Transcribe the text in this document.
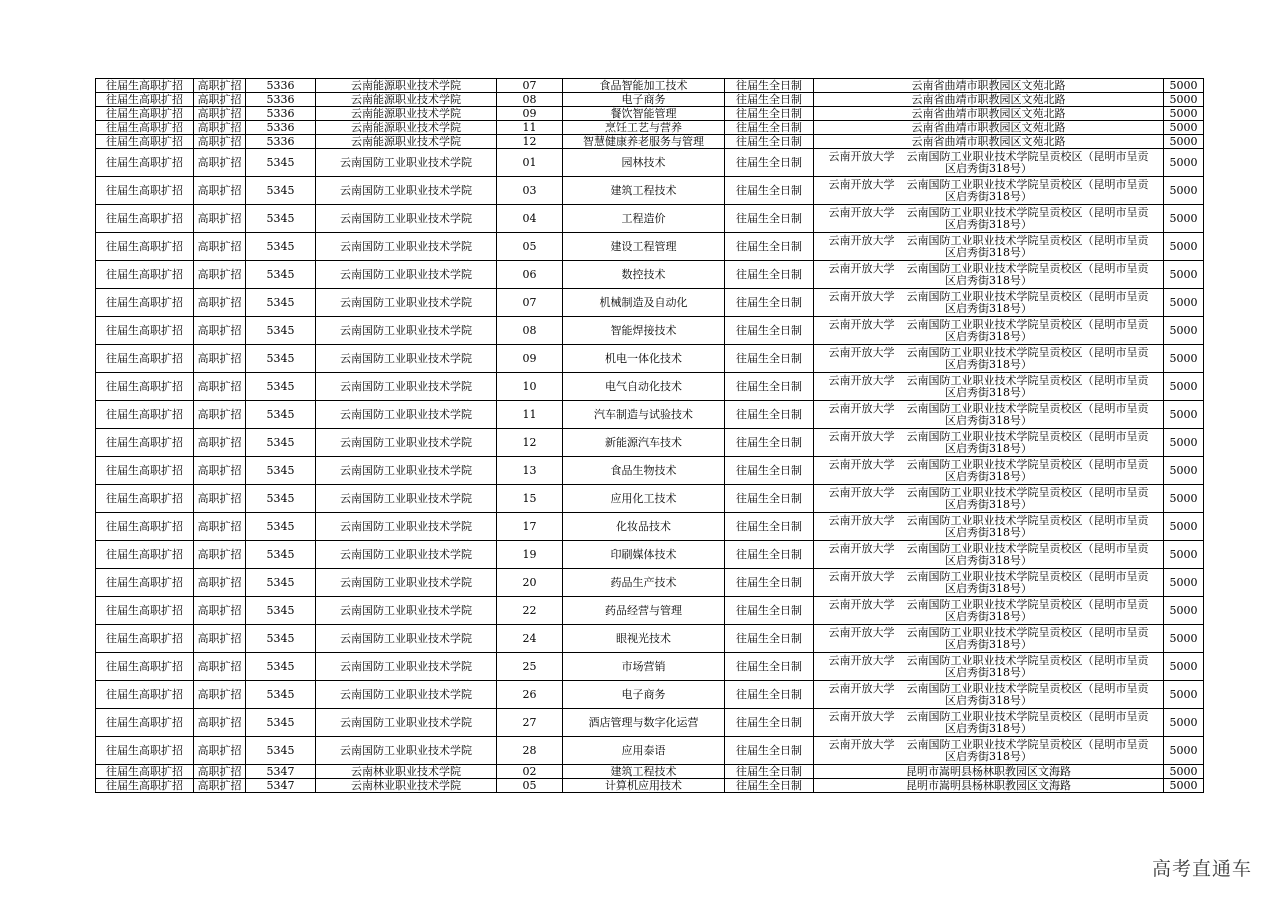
往届生高职扩招	高职扩招	5336	云南能源职业技术学院	07	食品智能加工技术	往届生全日制	云南省曲靖市职教园区文苑北路	5000
往届生高职扩招	高职扩招	5336	云南能源职业技术学院	08	电子商务	往届生全日制	云南省曲靖市职教园区文苑北路	5000
往届生高职扩招	高职扩招	5336	云南能源职业技术学院	09	餐饮智能管理	往届生全日制	云南省曲靖市职教园区文苑北路	5000
往届生高职扩招	高职扩招	5336	云南能源职业技术学院	11	烹饪工艺与营养	往届生全日制	云南省曲靖市职教园区文苑北路	5000
往届生高职扩招	高职扩招	5336	云南能源职业技术学院	12	智慧健康养老服务与管理	往届生全日制	云南省曲靖市职教园区文苑北路	5000
往届生高职扩招	高职扩招	5345	云南国防工业职业技术学院	01	园林技术	往届生全日制	云南开放大学 云南国防工业职业技术学院呈贡校区（昆明市呈贡
区启秀街318号）	5000
往届生高职扩招	高职扩招	5345	云南国防工业职业技术学院	03	建筑工程技术	往届生全日制	云南开放大学 云南国防工业职业技术学院呈贡校区（昆明市呈贡
区启秀街318号）	5000
往届生高职扩招	高职扩招	5345	云南国防工业职业技术学院	04	工程造价	往届生全日制	云南开放大学 云南国防工业职业技术学院呈贡校区（昆明市呈贡
区启秀街318号）	5000
往届生高职扩招	高职扩招	5345	云南国防工业职业技术学院	05	建设工程管理	往届生全日制	云南开放大学 云南国防工业职业技术学院呈贡校区（昆明市呈贡
区启秀街318号）	5000
往届生高职扩招	高职扩招	5345	云南国防工业职业技术学院	06	数控技术	往届生全日制	云南开放大学 云南国防工业职业技术学院呈贡校区（昆明市呈贡
区启秀街318号）	5000
往届生高职扩招	高职扩招	5345	云南国防工业职业技术学院	07	机械制造及自动化	往届生全日制	云南开放大学 云南国防工业职业技术学院呈贡校区（昆明市呈贡
区启秀街318号）	5000
往届生高职扩招	高职扩招	5345	云南国防工业职业技术学院	08	智能焊接技术	往届生全日制	云南开放大学 云南国防工业职业技术学院呈贡校区（昆明市呈贡
区启秀街318号）	5000
往届生高职扩招	高职扩招	5345	云南国防工业职业技术学院	09	机电一体化技术	往届生全日制	云南开放大学 云南国防工业职业技术学院呈贡校区（昆明市呈贡
区启秀街318号）	5000
往届生高职扩招	高职扩招	5345	云南国防工业职业技术学院	10	电气自动化技术	往届生全日制	云南开放大学 云南国防工业职业技术学院呈贡校区（昆明市呈贡
区启秀街318号）	5000
往届生高职扩招	高职扩招	5345	云南国防工业职业技术学院	11	汽车制造与试验技术	往届生全日制	云南开放大学 云南国防工业职业技术学院呈贡校区（昆明市呈贡
区启秀街318号）	5000
往届生高职扩招	高职扩招	5345	云南国防工业职业技术学院	12	新能源汽车技术	往届生全日制	云南开放大学 云南国防工业职业技术学院呈贡校区（昆明市呈贡
区启秀街318号）	5000
往届生高职扩招	高职扩招	5345	云南国防工业职业技术学院	13	食品生物技术	往届生全日制	云南开放大学 云南国防工业职业技术学院呈贡校区（昆明市呈贡
区启秀街318号）	5000
往届生高职扩招	高职扩招	5345	云南国防工业职业技术学院	15	应用化工技术	往届生全日制	云南开放大学 云南国防工业职业技术学院呈贡校区（昆明市呈贡
区启秀街318号）	5000
往届生高职扩招	高职扩招	5345	云南国防工业职业技术学院	17	化妆品技术	往届生全日制	云南开放大学 云南国防工业职业技术学院呈贡校区（昆明市呈贡
区启秀街318号）	5000
往届生高职扩招	高职扩招	5345	云南国防工业职业技术学院	19	印刷媒体技术	往届生全日制	云南开放大学 云南国防工业职业技术学院呈贡校区（昆明市呈贡
区启秀街318号）	5000
往届生高职扩招	高职扩招	5345	云南国防工业职业技术学院	20	药品生产技术	往届生全日制	云南开放大学 云南国防工业职业技术学院呈贡校区（昆明市呈贡
区启秀街318号）	5000
往届生高职扩招	高职扩招	5345	云南国防工业职业技术学院	22	药品经营与管理	往届生全日制	云南开放大学 云南国防工业职业技术学院呈贡校区（昆明市呈贡
区启秀街318号）	5000
往届生高职扩招	高职扩招	5345	云南国防工业职业技术学院	24	眼视光技术	往届生全日制	云南开放大学 云南国防工业职业技术学院呈贡校区（昆明市呈贡
区启秀街318号）	5000
往届生高职扩招	高职扩招	5345	云南国防工业职业技术学院	25	市场营销	往届生全日制	云南开放大学 云南国防工业职业技术学院呈贡校区（昆明市呈贡
区启秀街318号）	5000
往届生高职扩招	高职扩招	5345	云南国防工业职业技术学院	26	电子商务	往届生全日制	云南开放大学 云南国防工业职业技术学院呈贡校区（昆明市呈贡
区启秀街318号）	5000
往届生高职扩招	高职扩招	5345	云南国防工业职业技术学院	27	酒店管理与数字化运营	往届生全日制	云南开放大学 云南国防工业职业技术学院呈贡校区（昆明市呈贡
区启秀街318号）	5000
往届生高职扩招	高职扩招	5345	云南国防工业职业技术学院	28	应用泰语	往届生全日制	云南开放大学 云南国防工业职业技术学院呈贡校区（昆明市呈贡
区启秀街318号）	5000
往届生高职扩招	高职扩招	5347	云南林业职业技术学院	02	建筑工程技术	往届生全日制	昆明市嵩明县杨林职教园区文海路	5000
往届生高职扩招	高职扩招	5347	云南林业职业技术学院	05	计算机应用技术	往届生全日制	昆明市嵩明县杨林职教园区文海路	5000
高考直通车
